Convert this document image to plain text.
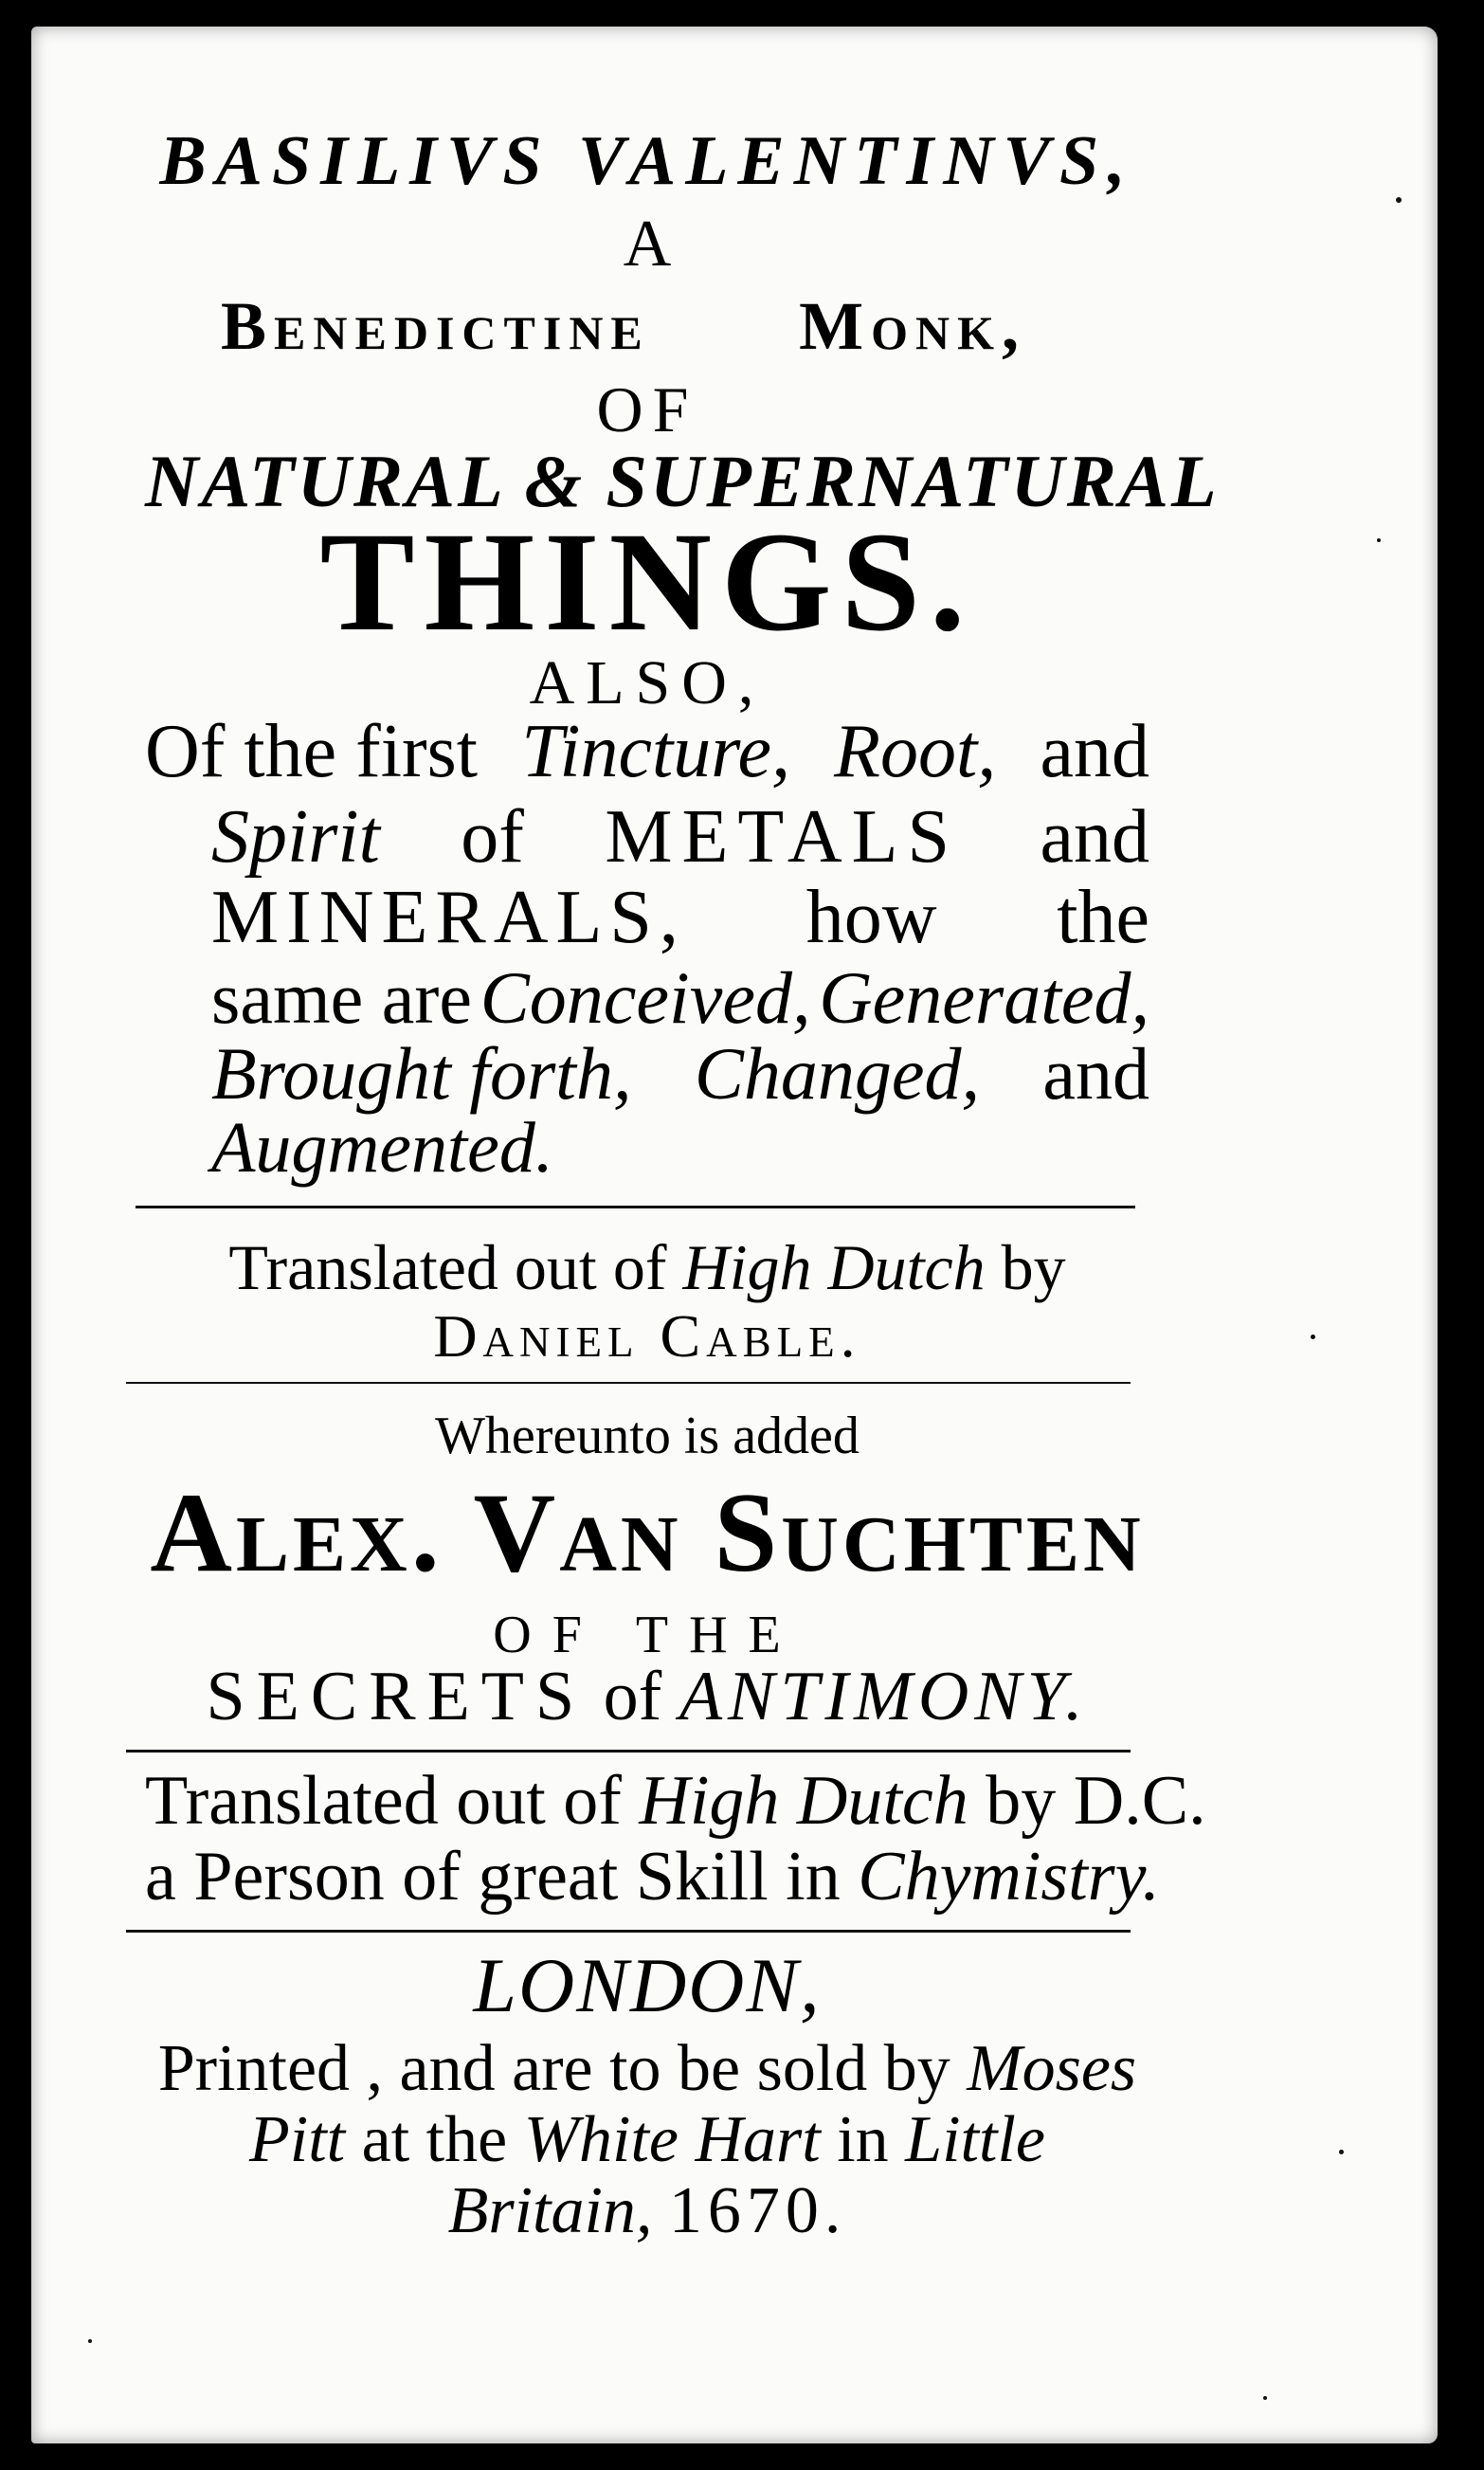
BASILIVS VALENTINVS,
A
Benedictine Monk,
OF
NATURAL & SUPERNATURAL
THINGS.
ALSO,
Of the first Tincture, Root, and
Spirit of METALS and
MINERALS, how the
same are Conceived, Generated,
Brought forth, Changed, and
Augmented.
Translated out of High Dutch by
Daniel Cable.
Whereunto is added
Alex. Van Suchten
OF THE
SECRETS of ANTIMONY.
Translated out of High Dutch by D.C.
a Person of great Skill in Chymistry.
LONDON,
Printed , and are to be sold by Moses
Pitt at the White Hart in Little
Britain, 1670.
